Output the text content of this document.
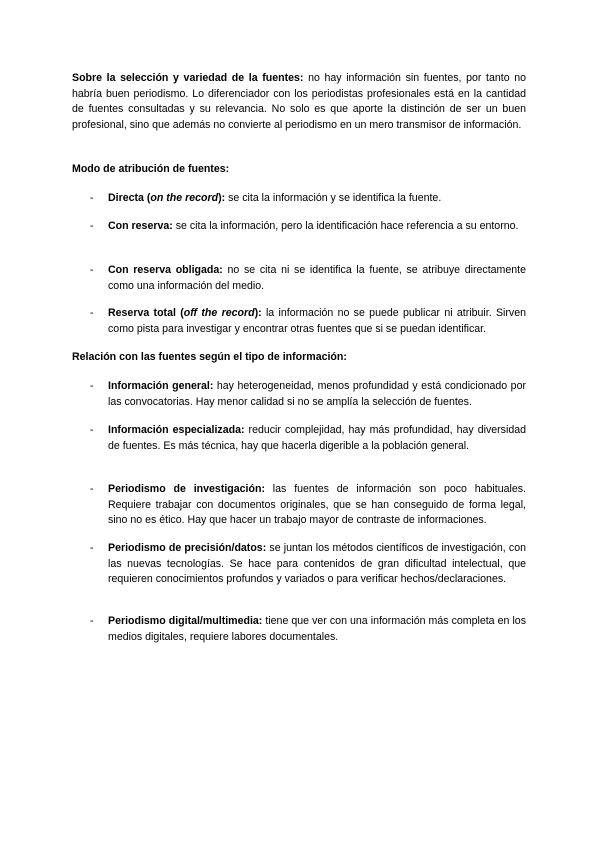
Sobre la selección y variedad de la fuentes: no hay información sin fuentes, por tanto no habría buen periodismo. Lo diferenciador con los periodistas profesionales está en la cantidad de fuentes consultadas y su relevancia. No solo es que aporte la distinción de ser un buen profesional, sino que además no convierte al periodismo en un mero transmisor de información.
Modo de atribución de fuentes:
-	Directa (on the record): se cita la información y se identifica la fuente.
-	Con reserva: se cita la información, pero la identificación hace referencia a su entorno.
-	Con reserva obligada: no se cita ni se identifica la fuente, se atribuye directamente como una información del medio.
-	Reserva total (off the record): la información no se puede publicar ni atribuir. Sirven como pista para investigar y encontrar otras fuentes que si se puedan identificar.
Relación con las fuentes según el tipo de información:
-	Información general: hay heterogeneidad, menos profundidad y está condicionado por las convocatorias. Hay menor calidad si no se amplía la selección de fuentes.
-	Información especializada: reducir complejidad, hay más profundidad, hay diversidad de fuentes. Es más técnica, hay que hacerla digerible a la población general.
-	Periodismo de investigación: las fuentes de información son poco habituales. Requiere trabajar con documentos originales, que se han conseguido de forma legal, sino no es ético. Hay que hacer un trabajo mayor de contraste de informaciones.
-	Periodismo de precisión/datos: se juntan los métodos científicos de investigación, con las nuevas tecnologías. Se hace para contenidos de gran dificultad intelectual, que requieren conocimientos profundos y variados o para verificar hechos/declaraciones.
-	Periodismo digital/multimedia: tiene que ver con una información más completa en los medios digitales, requiere labores documentales.
